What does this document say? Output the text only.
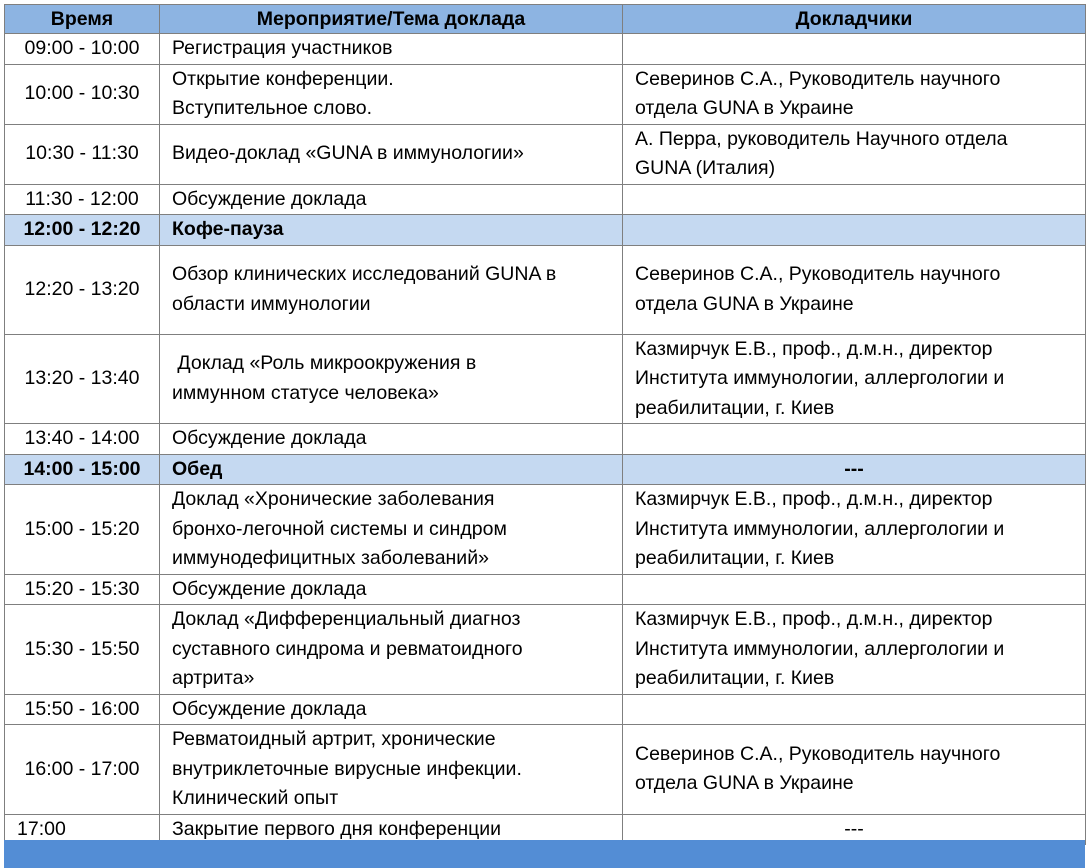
Время	Мероприятие/Тема доклада	Докладчики
09:00 - 10:00	Регистрация участников	
10:00 - 10:30	Открытие конференции.
Вступительное слово.	Северинов С.А., Руководитель научного
отдела GUNA в Украине
10:30 - 11:30	Видео-доклад «GUNA в иммунологии»	А. Перра, руководитель Научного отдела
GUNA (Италия)
11:30 - 12:00	Обсуждение доклада	
12:00 - 12:20	Кофе-пауза	
12:20 - 13:20	Обзор клинических исследований GUNA в
области иммунологии	Северинов С.А., Руководитель научного
отдела GUNA в Украине
13:20 - 13:40	Доклад «Роль микроокружения в
иммунном статусе человека»	Казмирчук Е.В., проф., д.м.н., директор
Института иммунологии, аллергологии и
реабилитации, г. Киев
13:40 - 14:00	Обсуждение доклада	
14:00 - 15:00	Обед	---
15:00 - 15:20	Доклад «Хронические заболевания
бронхо-легочной системы и синдром
иммунодефицитных заболеваний»	Казмирчук Е.В., проф., д.м.н., директор
Института иммунологии, аллергологии и
реабилитации, г. Киев
15:20 - 15:30	Обсуждение доклада	
15:30 - 15:50	Доклад «Дифференциальный диагноз
суставного синдрома и ревматоидного
артрита»	Казмирчук Е.В., проф., д.м.н., директор
Института иммунологии, аллергологии и
реабилитации, г. Киев
15:50 - 16:00	Обсуждение доклада	
16:00 - 17:00	Ревматоидный артрит, хронические
внутриклеточные вирусные инфекции.
Клинический опыт	Северинов С.А., Руководитель научного
отдела GUNA в Украине
17:00	Закрытие первого дня конференции	---
